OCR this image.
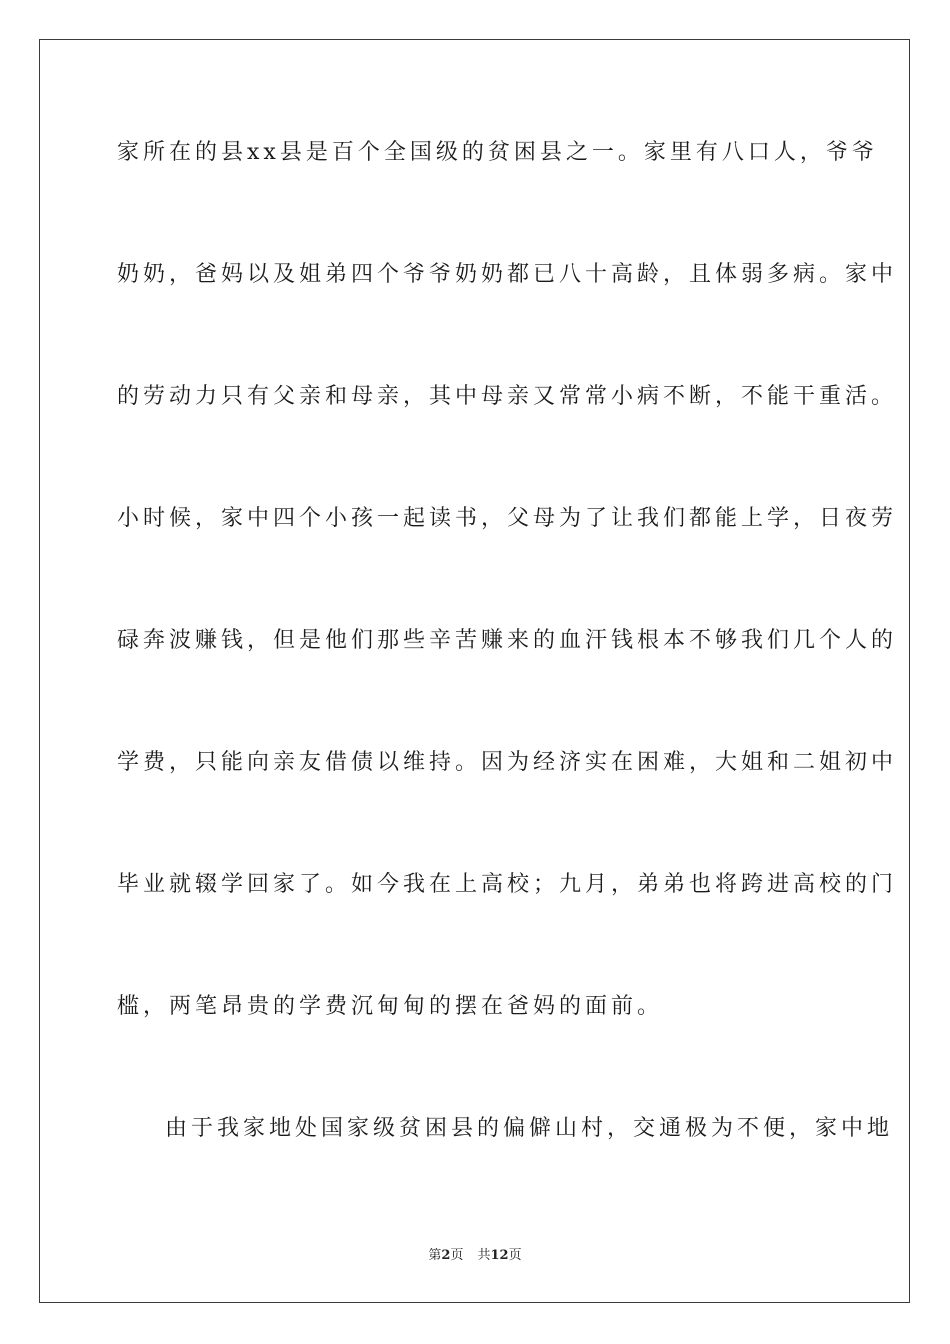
家所在的县xx县是百个全国级的贫困县之一。家里有八口人，爷爷
奶奶，爸妈以及姐弟四个爷爷奶奶都已八十高龄，且体弱多病。家中
的劳动力只有父亲和母亲，其中母亲又常常小病不断，不能干重活。
小时候，家中四个小孩一起读书，父母为了让我们都能上学，日夜劳
碌奔波赚钱，但是他们那些辛苦赚来的血汗钱根本不够我们几个人的
学费，只能向亲友借债以维持。因为经济实在困难，大姐和二姐初中
毕业就辍学回家了。如今我在上高校；九月，弟弟也将跨进高校的门
槛，两笔昂贵的学费沉甸甸的摆在爸妈的面前。
由于我家地处国家级贫困县的偏僻山村，交通极为不便，家中地
第2页 共12页
